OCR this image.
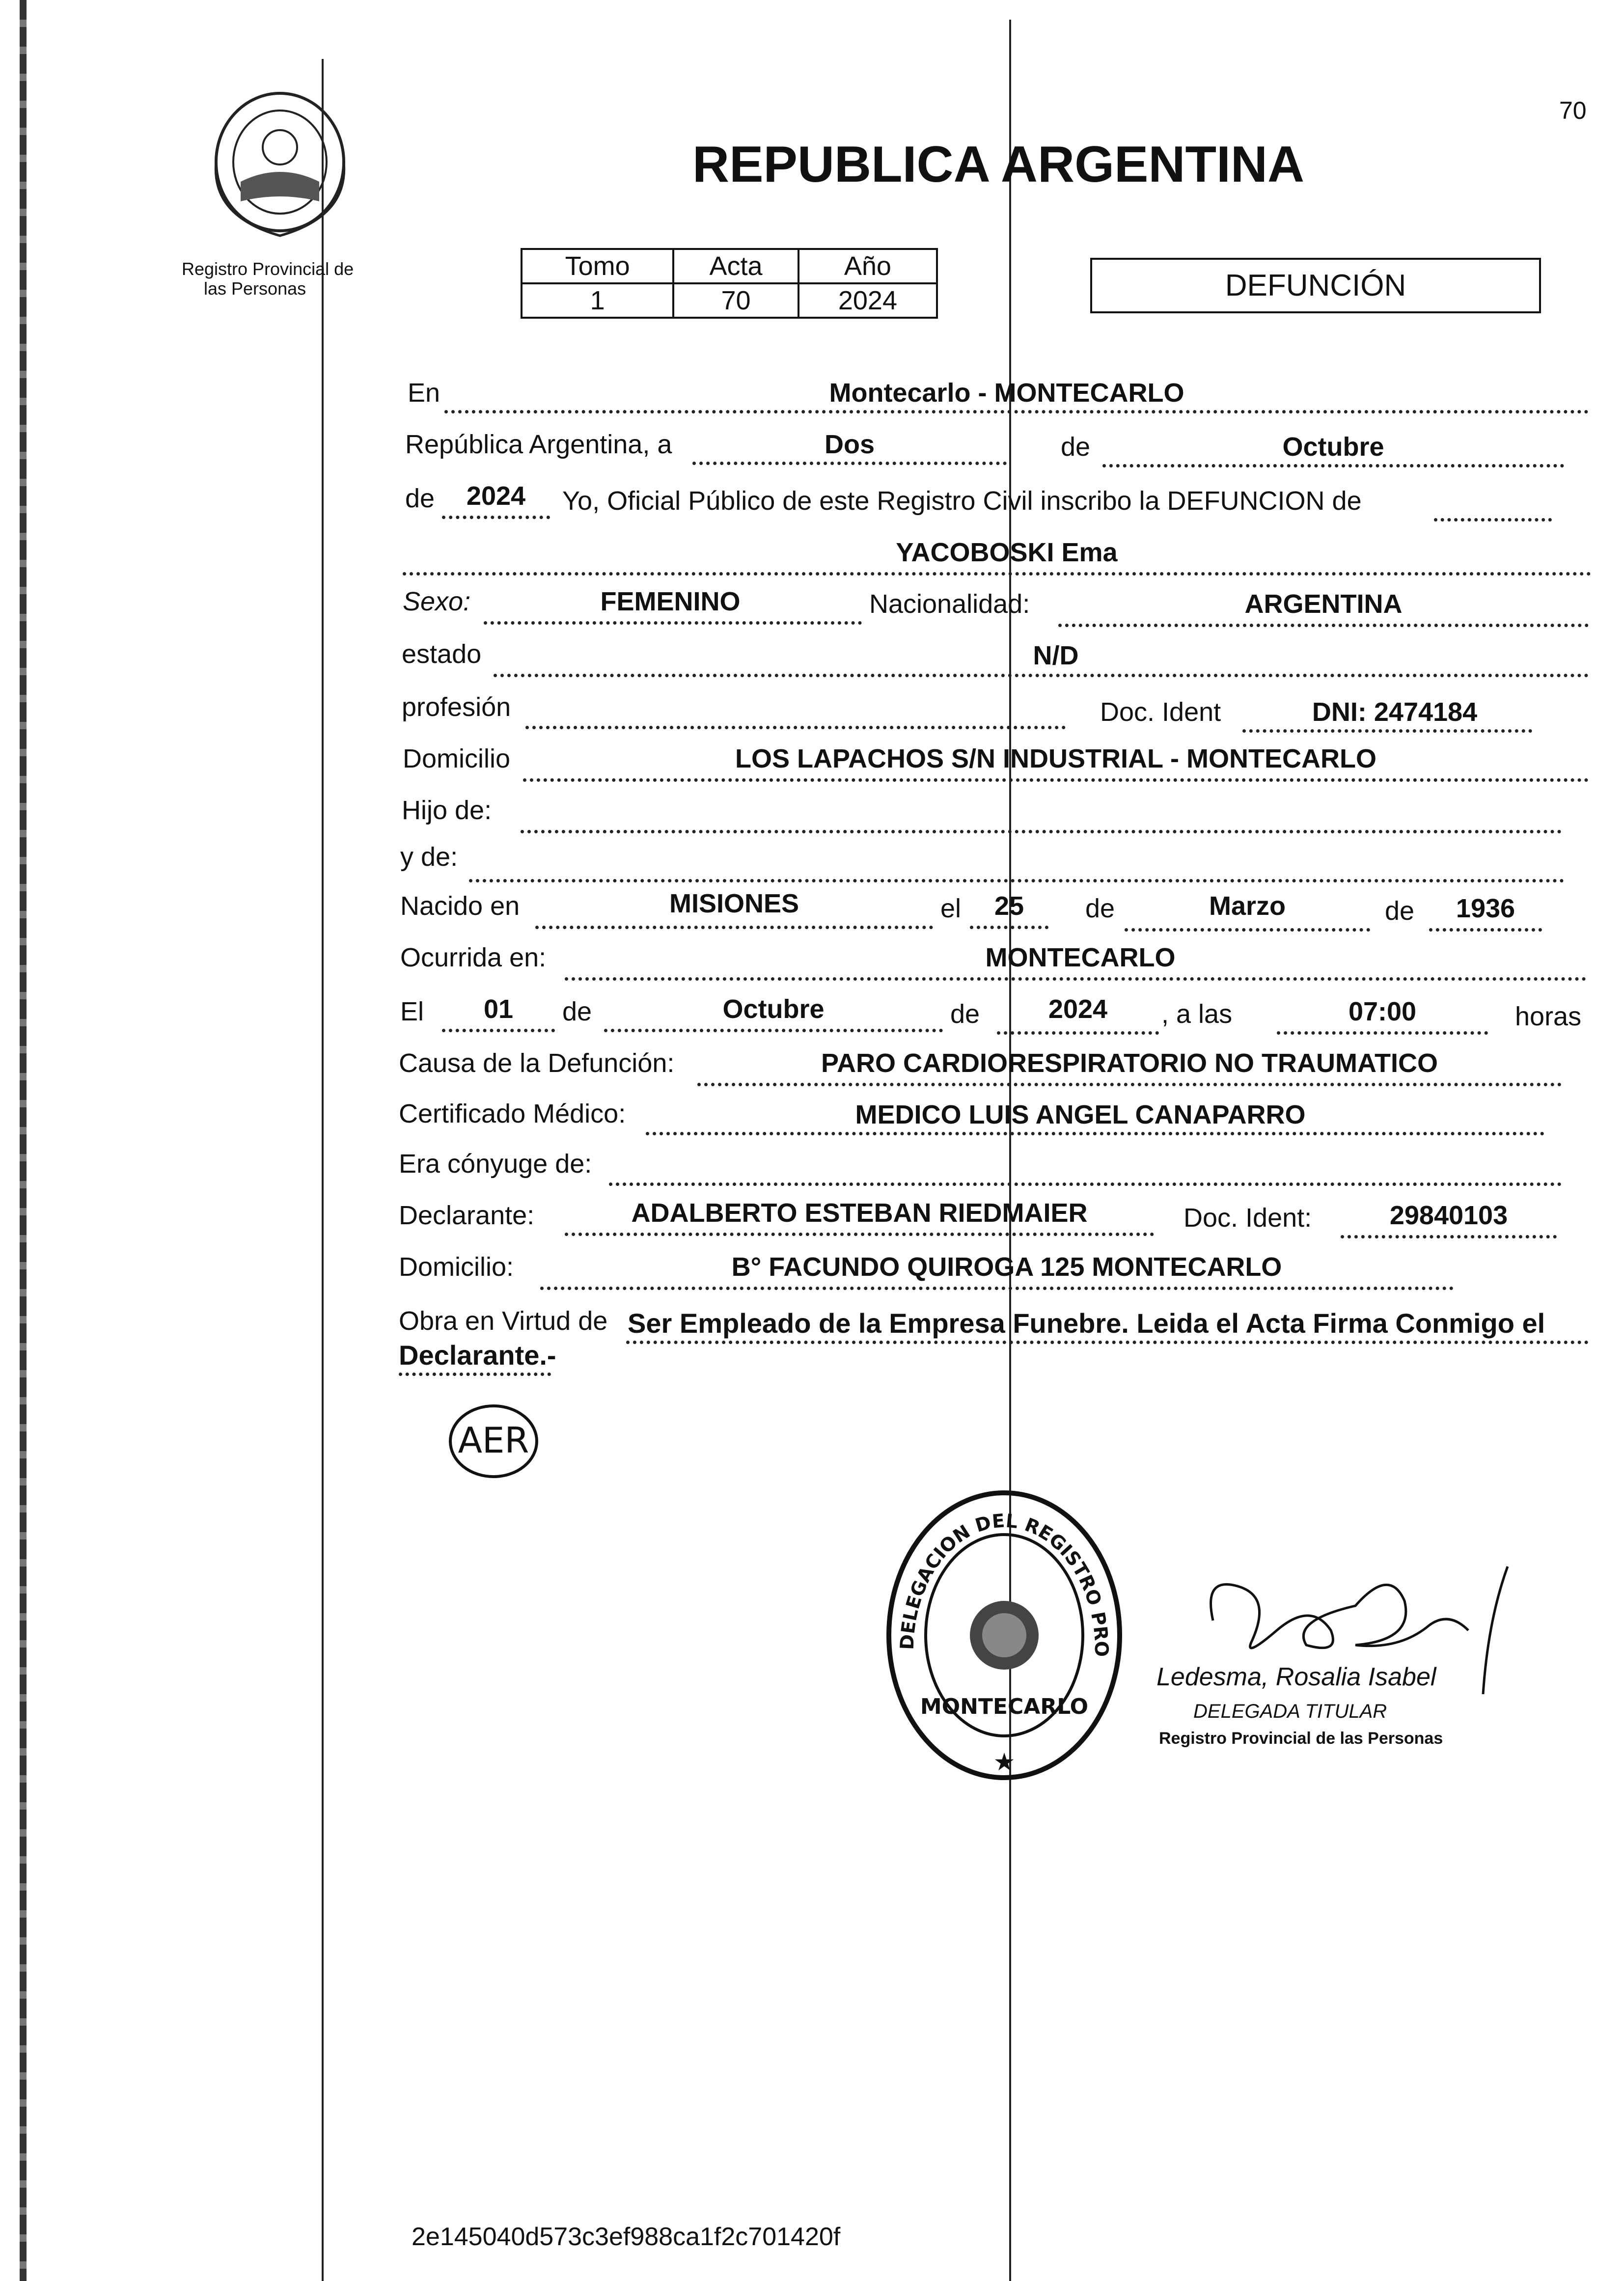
70
Registro Provincial de
las Personas
REPUBLICA ARGENTINA
Tomo	Acta	Año
1	70	2024	DEFUNCIÓN
En	Montecarlo - MONTECARLO
República Argentina, a	Dos	de	Octubre
de	2024	Yo, Oficial Público de este Registro Civil inscribo la DEFUNCION de
YACOBOSKI Ema
Sexo:	FEMENINO	Nacionalidad:	ARGENTINA
estado	N/D
profesión	Doc. Ident	DNI: 2474184
Domicilio	LOS LAPACHOS S/N INDUSTRIAL - MONTECARLO
Hijo de:
y de:
Nacido en	MISIONES	el	25	de	Marzo	de	1936
Ocurrida en:	MONTECARLO
El	01	de	Octubre	de	2024	, a las	07:00	horas
Causa de la Defunción:	PARO CARDIORESPIRATORIO NO TRAUMATICO
Certificado Médico:	MEDICO LUIS ANGEL CANAPARRO
Era cónyuge de:
Declarante:	ADALBERTO ESTEBAN RIEDMAIER	Doc. Ident:	29840103
Domicilio:	B° FACUNDO QUIROGA 125 MONTECARLO
Obra en Virtud de Ser Empleado de la Empresa Funebre. Leida el Acta Firma Conmigo el
Declarante.-
AER
DELEGACION DEL REGISTRO PRO
MONTECARLO
★
Ledesma, Rosalia Isabel
DELEGADA TITULAR
Registro Provincial de las Personas
2e145040d573c3ef988ca1f2c701420f
